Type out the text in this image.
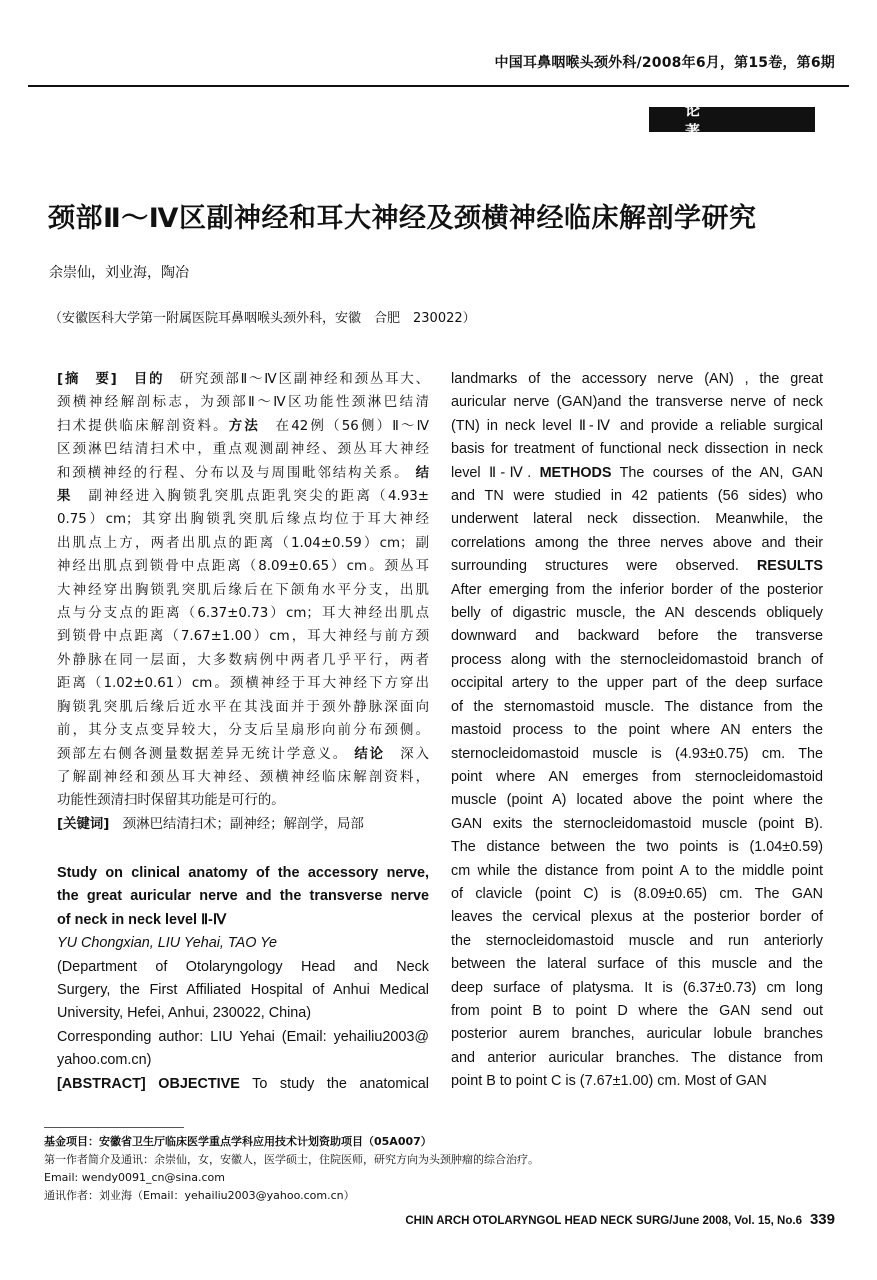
中国耳鼻咽喉头颈外科/2008年6月，第15卷，第6期
论 著
颈部Ⅱ～Ⅳ区副神经和耳大神经及颈横神经临床解剖学研究
余崇仙，刘业海，陶冶
（安徽医科大学第一附属医院耳鼻咽喉头颈外科，安徽　合肥　230022）
[摘　要]　 目的　研究颈部Ⅱ～Ⅳ区副神经和颈丛耳大、
颈横神经解剖标志，为颈部Ⅱ～Ⅳ区功能性颈淋巴结清
扫术提供临床解剖资料。方法　在42例（56侧）Ⅱ～Ⅳ
区颈淋巴结清扫术中，重点观测副神经、颈丛耳大神经
和颈横神经的行程、分布以及与周围毗邻结构关系。 结
果　副神经进入胸锁乳突肌点距乳突尖的距离（4.93±
0.75）cm；其穿出胸锁乳突肌后缘点均位于耳大神经
出肌点上方，两者出肌点的距离（1.04±0.59）cm；副
神经出肌点到锁骨中点距离（8.09±0.65）cm。颈丛耳
大神经穿出胸锁乳突肌后缘后在下颌角水平分支，出肌
点与分支点的距离（6.37±0.73）cm；耳大神经出肌点
到锁骨中点距离（7.67±1.00）cm，耳大神经与前方颈
外静脉在同一层面，大多数病例中两者几乎平行，两者
距离（1.02±0.61）cm。颈横神经于耳大神经下方穿出
胸锁乳突肌后缘后近水平在其浅面并于颈外静脉深面向
前，其分支点变异较大，分支后呈扇形向前分布颈侧。
颈部左右侧各测量数据差异无统计学意义。 结论　深入
了解副神经和颈丛耳大神经、颈横神经临床解剖资料，
功能性颈清扫时保留其功能是可行的。
[关键词]　颈淋巴结清扫术；副神经；解剖学，局部
Study on clinical anatomy of the accessory nerve,
the great auricular nerve and the transverse nerve
of neck in neck level Ⅱ-Ⅳ
YU Chongxian, LIU Yehai, TAO Ye
(Department of Otolaryngology Head and Neck
Surgery, the First Affiliated Hospital of Anhui Medical
University, Hefei, Anhui, 230022, China)
Corresponding author: LIU Yehai (Email: yehailiu2003@
yahoo.com.cn)
[ABSTRACT] OBJECTIVE To study the anatomical
landmarks of the accessory nerve (AN) , the great
auricular nerve (GAN)and the transverse nerve of neck
(TN) in neck level Ⅱ-Ⅳ and provide a reliable surgical
basis for treatment of functional neck dissection in neck
level Ⅱ-Ⅳ. METHODS The courses of the AN, GAN
and TN were studied in 42 patients (56 sides) who
underwent lateral neck dissection. Meanwhile, the
correlations among the three nerves above and their
surrounding structures were observed. RESULTS
After emerging from the inferior border of the posterior
belly of digastric muscle, the AN descends obliquely
downward and backward before the transverse
process along with the sternocleidomastoid branch of
occipital artery to the upper part of the deep surface
of the sternomastoid muscle. The distance from the
mastoid process to the point where AN enters the
sternocleidomastoid muscle is (4.93±0.75) cm. The
point where AN emerges from sternocleidomastoid
muscle (point A) located above the point where the
GAN exits the sternocleidomastoid muscle (point B).
The distance between the two points is (1.04±0.59)
cm while the distance from point A to the middle point
of clavicle (point C) is (8.09±0.65) cm. The GAN
leaves the cervical plexus at the posterior border of
the sternocleidomastoid muscle and run anteriorly
between the lateral surface of this muscle and the
deep surface of platysma. It is (6.37±0.73) cm long
from point B to point D where the GAN send out
posterior aurem branches, auricular lobule branches
and anterior auricular branches. The distance from
point B to point C is (7.67±1.00) cm. Most of GAN
基金项目：安徽省卫生厅临床医学重点学科应用技术计划资助项目（05A007）
第一作者简介及通讯：余崇仙，女，安徽人，医学硕士，住院医师，研究方向为头颈肿瘤的综合治疗。
Email: wendy0091_cn@sina.com
通讯作者：刘业海（Email：yehailiu2003@yahoo.com.cn）
CHIN ARCH OTOLARYNGOL HEAD NECK SURG/June 2008, Vol. 15, No.6 339
